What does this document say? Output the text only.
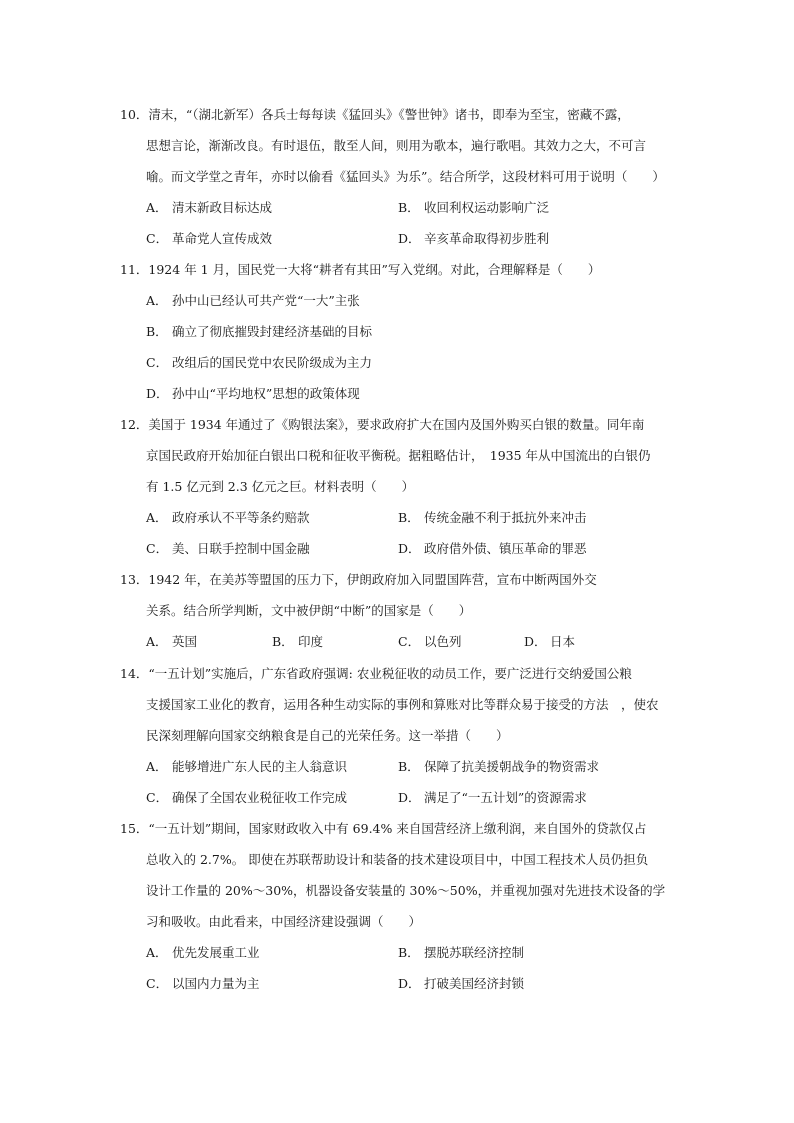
10．清末，“（湖北新军）各兵士每每读《猛回头》《警世钟》诸书，即奉为至宝，密藏不露，
思想言论，渐渐改良。有时退伍，散至人间，则用为歌本，遍行歌唱。其效力之大，不可言
喻。而文学堂之青年，亦时以偷看《猛回头》为乐”。结合所学，这段材料可用于说明（　　）
A． 清末新政目标达成	B． 收回利权运动影响广泛
C． 革命党人宣传成效	D． 辛亥革命取得初步胜利
11．1924 年 1 月，国民党一大将“耕者有其田”写入党纲。对此，合理解释是（　　）
A． 孙中山已经认可共产党“一大”主张
B． 确立了彻底摧毁封建经济基础的目标
C． 改组后的国民党中农民阶级成为主力
D． 孙中山“平均地权”思想的政策体现
12．美国于 1934 年通过了《购银法案》，要求政府扩大在国内及国外购买白银的数量。同年南
京国民政府开始加征白银出口税和征收平衡税。据粗略估计，　1935 年从中国流出的白银仍
有 1.5 亿元到 2.3 亿元之巨。材料表明（　　）
A． 政府承认不平等条约赔款	B． 传统金融不利于抵抗外来冲击
C． 美、日联手控制中国金融	D． 政府借外债、镇压革命的罪恶
13．1942 年，在美苏等盟国的压力下，伊朗政府加入同盟国阵营，宣布中断两国外交
关系。结合所学判断，文中被伊朗“中断”的国家是（　　）
A． 英国	B． 印度	C． 以色列	D． 日本
14．“一五计划”实施后，广东省政府强调: 农业税征收的动员工作，要广泛进行交纳爱国公粮
支援国家工业化的教育，运用各种生动实际的事例和算账对比等群众易于接受的方法　，使农
民深刻理解向国家交纳粮食是自己的光荣任务。这一举措（　　）
A． 能够增进广东人民的主人翁意识	B． 保障了抗美援朝战争的物资需求
C． 确保了全国农业税征收工作完成	D． 满足了“一五计划”的资源需求
15．“一五计划”期间，国家财政收入中有 69.4% 来自国营经济上缴利润，来自国外的贷款仅占
总收入的 2.7%。 即使在苏联帮助设计和装备的技术建设项目中，中国工程技术人员仍担负
设计工作量的 20%～30%，机器设备安装量的 30%～50%，并重视加强对先进技术设备的学
习和吸收。由此看来，中国经济建设强调（　　）
A． 优先发展重工业	B． 摆脱苏联经济控制
C． 以国内力量为主	D． 打破美国经济封锁
